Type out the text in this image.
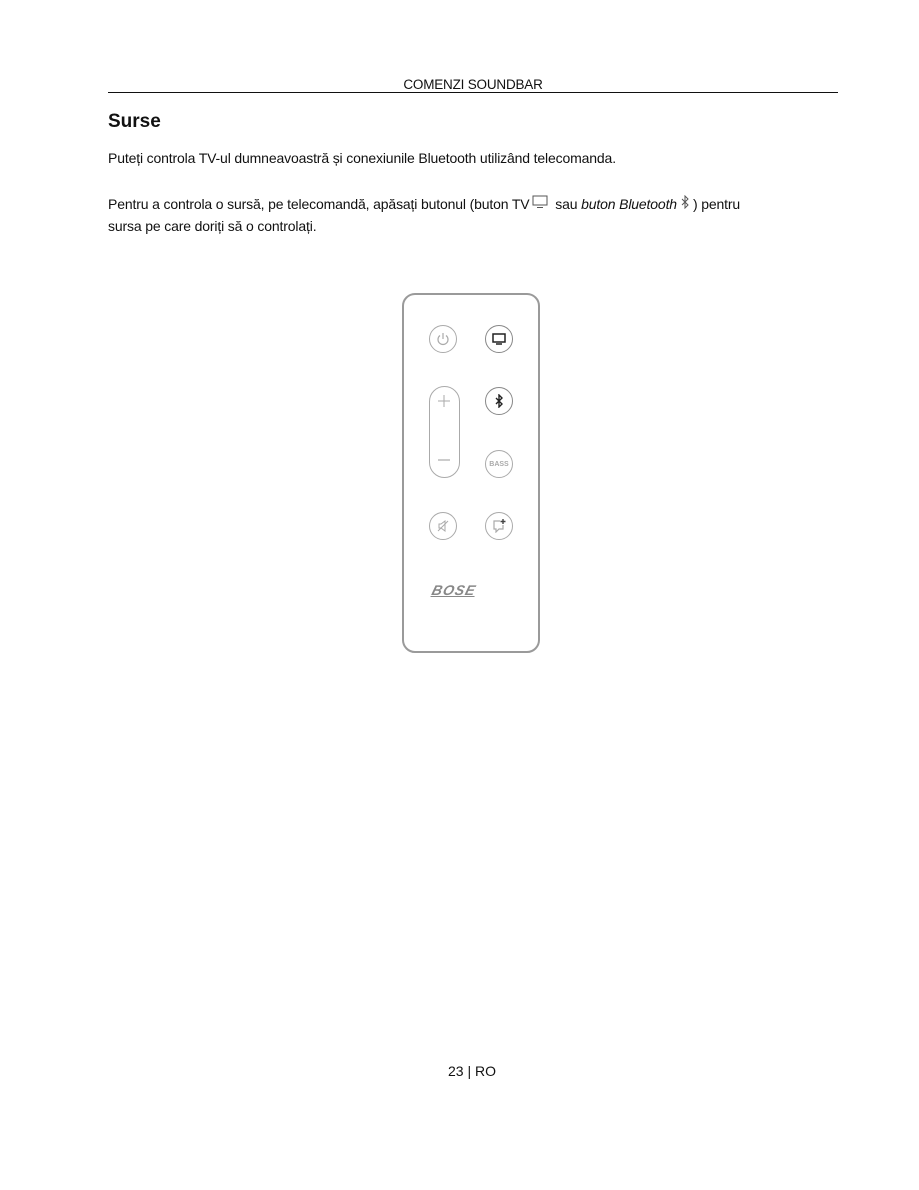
COMENZI SOUNDBAR
Surse
Puteți controla TV-ul dumneavoastră și conexiunile Bluetooth utilizând telecomanda.
Pentru a controla o sursă, pe telecomandă, apăsați butonul (buton TV sau buton Bluetooth ) pentru
sursa pe care doriți să o controlați.
BASS
BOSE
23 | RO
